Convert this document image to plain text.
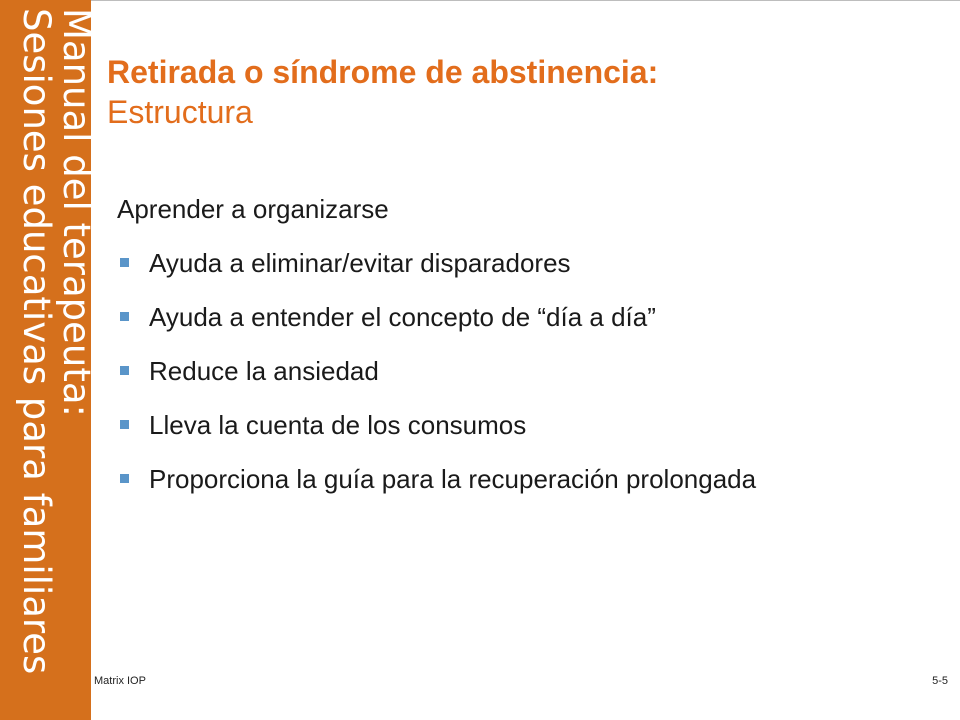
Manual del terapeuta:
Sesiones educativas para familiares Retirada o síndrome de abstinencia:
Estructura
Aprender a organizarse
Ayuda a eliminar/evitar disparadores
Ayuda a entender el concepto de “día a día”
Reduce la ansiedad
Lleva la cuenta de los consumos
Proporciona la guía para la recuperación prolongada
Matrix IOP	5-5
